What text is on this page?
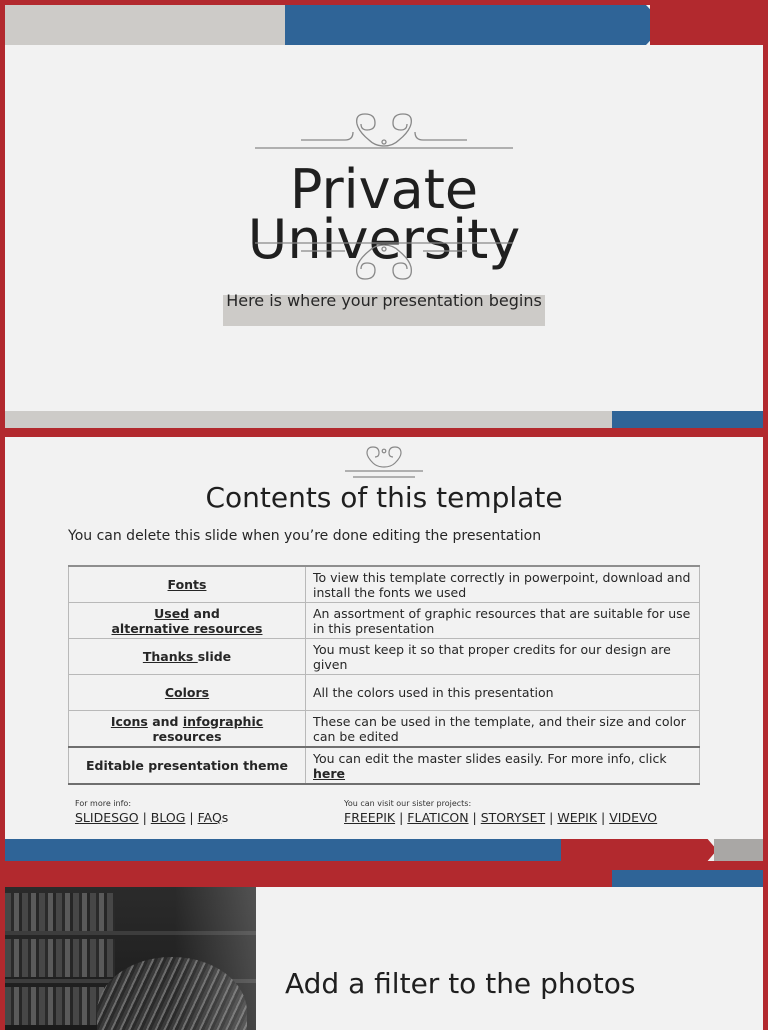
Private
University
Here is where your presentation begins
Contents of this template
You can delete this slide when you’re done editing the presentation
Fonts	To view this template correctly in powerpoint, download and install the fonts we used
Used and
alternative resources	An assortment of graphic resources that are suitable for use in this presentation
Thanks slide	You must keep it so that proper credits for our design are given
Colors	All the colors used in this presentation
Icons and infographic
resources	These can be used in the template, and their size and color can be edited
Editable presentation theme	You can edit the master slides easily. For more info, click here
For more info:
SLIDESGO | BLOG | FAQs
You can visit our sister projects:
FREEPIK | FLATICON | STORYSET | WEPIK | VIDEVO
Add a filter to the photos
